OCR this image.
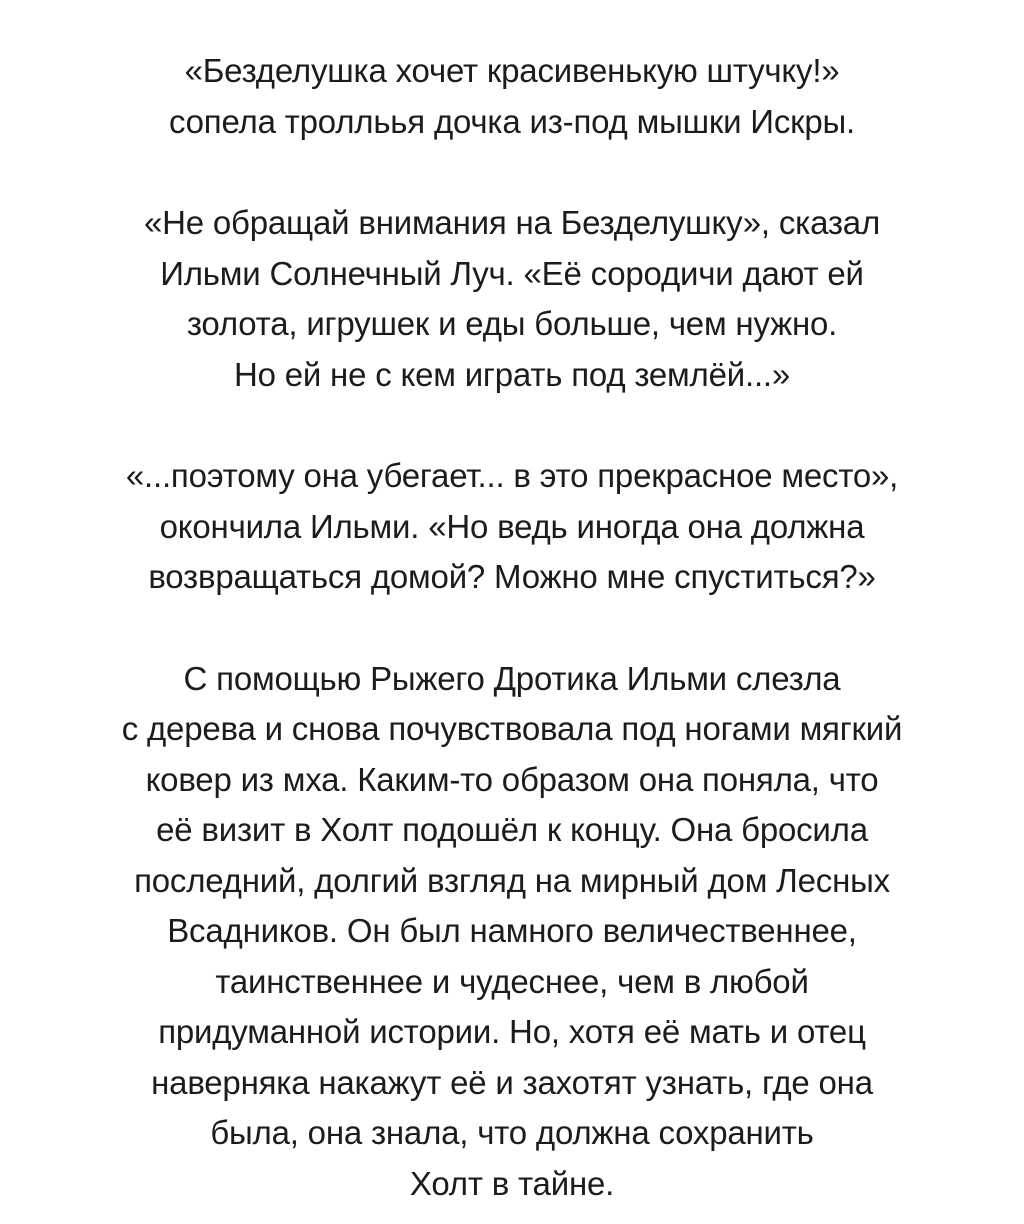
«Безделушка хочет красивенькую штучку!»
сопела тролльья дочка из-под мышки Искры.

«Не обращай внимания на Безделушку», сказал
Ильми Солнечный Луч. «Её сородичи дают ей
золота, игрушек и еды больше, чем нужно.
Но ей не с кем играть под землёй...»

«...поэтому она убегает... в это прекрасное место»,
окончила Ильми. «Но ведь иногда она должна
возвращаться домой? Можно мне спуститься?»

С помощью Рыжего Дротика Ильми слезла
с дерева и снова почувствовала под ногами мягкий
ковер из мха. Каким-то образом она поняла, что
её визит в Холт подошёл к концу. Она бросила
последний, долгий взгляд на мирный дом Лесных
Всадников. Он был намного величественнее,
таинственнее и чудеснее, чем в любой
придуманной истории. Но, хотя её мать и отец
наверняка накажут её и захотят узнать, где она
была, она знала, что должна сохранить
Холт в тайне.
